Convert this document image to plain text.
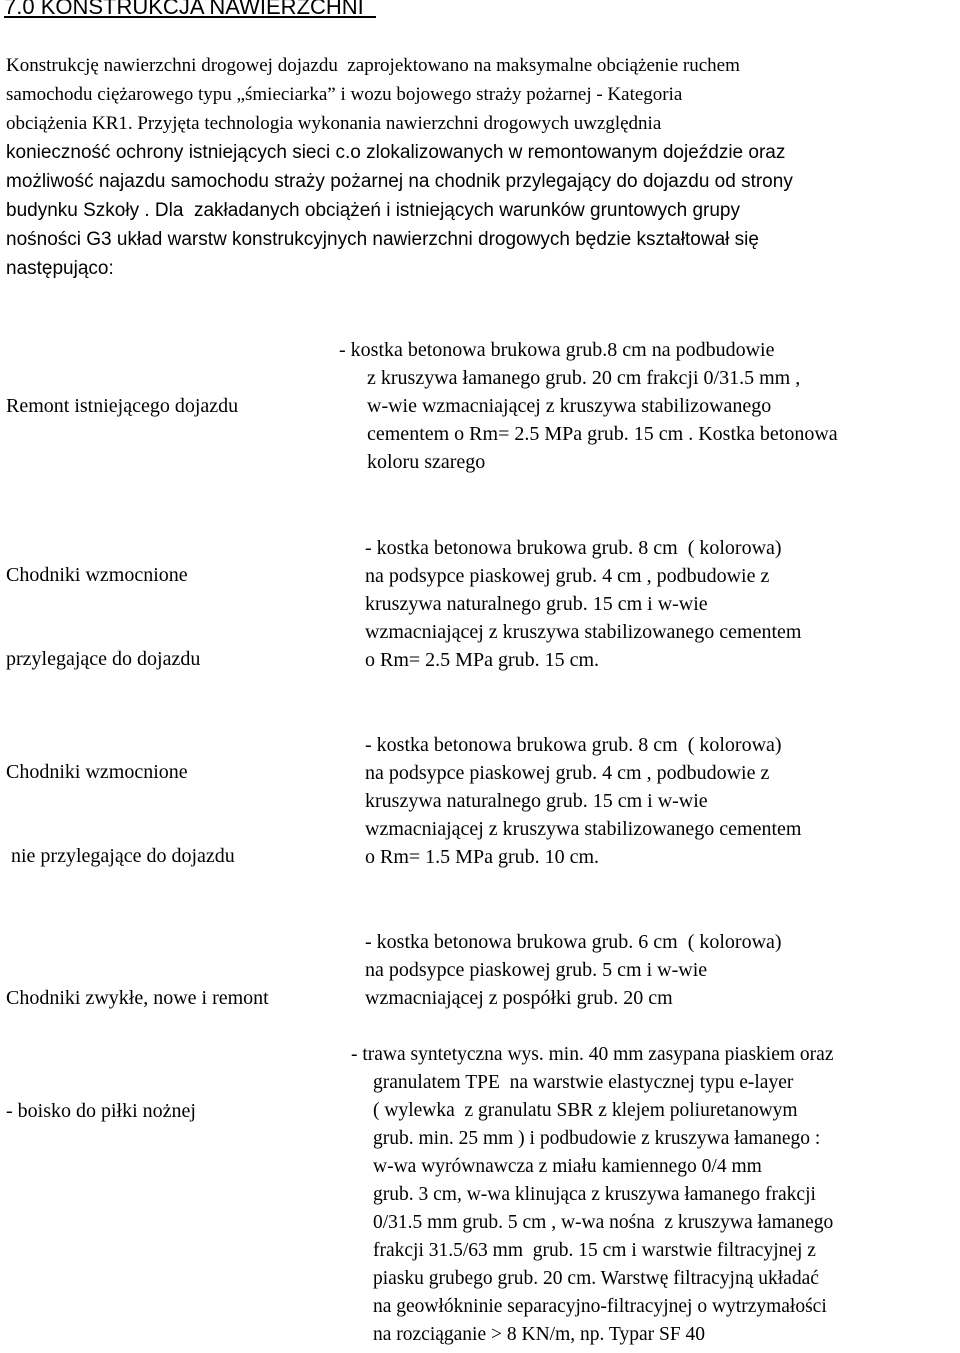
7.0 KONSTRUKCJA NAWIERZCHNI
Konstrukcję nawierzchni drogowej dojazdu  zaprojektowano na maksymalne obciążenie ruchem
samochodu ciężarowego typu „śmieciarka” i wozu bojowego straży pożarnej - Kategoria
obciążenia KR1. Przyjęta technologia wykonania nawierzchni drogowych uwzględnia
konieczność ochrony istniejących sieci c.o zlokalizowanych w remontowanym dojeździe oraz
możliwość najazdu samochodu straży pożarnej na chodnik przylegający do dojazdu od strony
budynku Szkoły . Dla  zakładanych obciążeń i istniejących warunków gruntowych grupy
nośności G3 układ warstw konstrukcyjnych nawierzchni drogowych będzie kształtował się
następująco:

Remont istniejącego dojazdu

- kostka betonowa brukowa grub.8 cm na podbudowie
z kruszywa łamanego grub. 20 cm frakcji 0/31.5 mm ,
w-wie wzmacniającej z kruszywa stabilizowanego
cementem o Rm= 2.5 MPa grub. 15 cm . Kostka betonowa
koloru szarego

Chodniki wzmocnione

przylegające do dojazdu

- kostka betonowa brukowa grub. 8 cm  ( kolorowa)
na podsypce piaskowej grub. 4 cm , podbudowie z
kruszywa naturalnego grub. 15 cm i w-wie
wzmacniającej z kruszywa stabilizowanego cementem
o Rm= 2.5 MPa grub. 15 cm.

Chodniki wzmocnione

nie przylegające do dojazdu

- kostka betonowa brukowa grub. 8 cm  ( kolorowa)
na podsypce piaskowej grub. 4 cm , podbudowie z
kruszywa naturalnego grub. 15 cm i w-wie
wzmacniającej z kruszywa stabilizowanego cementem
o Rm= 1.5 MPa grub. 10 cm.

Chodniki zwykłe, nowe i remont

- kostka betonowa brukowa grub. 6 cm  ( kolorowa)
na podsypce piaskowej grub. 5 cm i w-wie
wzmacniającej z pospółki grub. 20 cm

- boisko do piłki nożnej

- trawa syntetyczna wys. min. 40 mm zasypana piaskiem oraz
granulatem TPE  na warstwie elastycznej typu e-layer
( wylewka  z granulatu SBR z klejem poliuretanowym
grub. min. 25 mm ) i podbudowie z kruszywa łamanego :
w-wa wyrównawcza z miału kamiennego 0/4 mm
grub. 3 cm, w-wa klinująca z kruszywa łamanego frakcji
0/31.5 mm grub. 5 cm , w-wa nośna  z kruszywa łamanego
frakcji 31.5/63 mm  grub. 15 cm i warstwie filtracyjnej z
piasku grubego grub. 20 cm. Warstwę filtracyjną układać
na geowłókninie separacyjno-filtracyjnej o wytrzymałości
na rozciąganie > 8 KN/m, np. Typar SF 40
